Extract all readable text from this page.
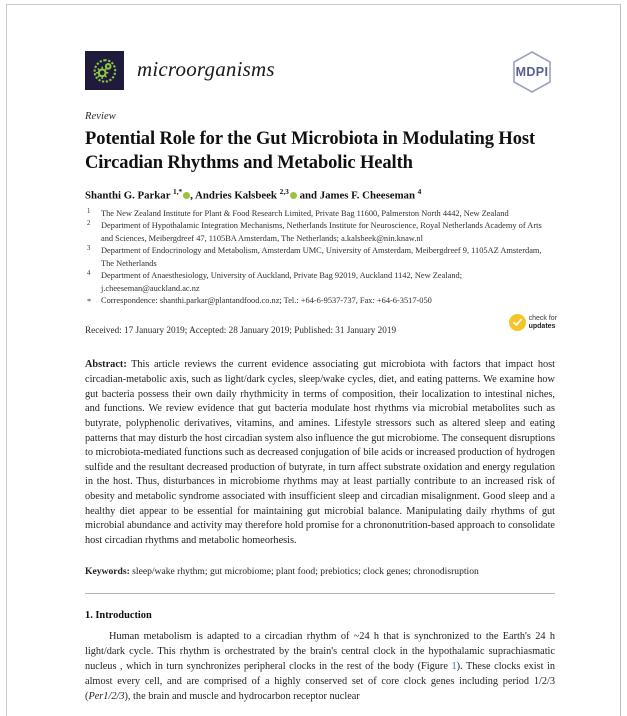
microorganisms	MDPI
Review
Potential Role for the Gut Microbiota in Modulating Host Circadian Rhythms and Metabolic Health
Shanthi G. Parkar $^{1,*}$ , Andries Kalsbeek $^{2,3}$ and James F. Cheeseman $^4$
1	The New Zealand Institute for Plant & Food Research Limited, Private Bag 11600, Palmerston North 4442, New Zealand
2	Department of Hypothalamic Integration Mechanisms, Netherlands Institute for Neuroscience, Royal Netherlands Academy of Arts and Sciences, Meibergdreef 47, 1105BA Amsterdam, The Netherlands; a.kalsbeek@nin.knaw.nl
3	Department of Endocrinology and Metabolism, Amsterdam UMC, University of Amsterdam, Meibergdreef 9, 1105AZ Amsterdam, The Netherlands
4	Department of Anaesthesiology, University of Auckland, Private Bag 92019, Auckland 1142, New Zealand; j.cheeseman@auckland.ac.nz
*	Correspondence: shanthi.parkar@plantandfood.co.nz; Tel.: +64-6-9537-737, Fax: +64-6-3517-050
Received: 17 January 2019; Accepted: 28 January 2019; Published: 31 January 2019
check for
updates
Abstract: This article reviews the current evidence associating gut microbiota with factors that impact host circadian-metabolic axis, such as light/dark cycles, sleep/wake cycles, diet, and eating patterns. We examine how gut bacteria possess their own daily rhythmicity in terms of composition, their localization to intestinal niches, and functions. We review evidence that gut bacteria modulate host rhythms via microbial metabolites such as butyrate, polyphenolic derivatives, vitamins, and amines. Lifestyle stressors such as altered sleep and eating patterns that may disturb the host circadian system also influence the gut microbiome. The consequent disruptions to microbiota-mediated functions such as decreased conjugation of bile acids or increased production of hydrogen sulfide and the resultant decreased production of butyrate, in turn affect substrate oxidation and energy regulation in the host. Thus, disturbances in microbiome rhythms may at least partially contribute to an increased risk of obesity and metabolic syndrome associated with insufficient sleep and circadian misalignment. Good sleep and a healthy diet appear to be essential for maintaining gut microbial balance. Manipulating daily rhythms of gut microbial abundance and activity may therefore hold promise for a chrononutrition-based approach to consolidate host circadian rhythms and metabolic homeorhesis.
Keywords: sleep/wake rhythm; gut microbiome; plant food; prebiotics; clock genes; chronodisruption
1. Introduction
Human metabolism is adapted to a circadian rhythm of ~24 h that is synchronized to the Earth's 24 h light/dark cycle. This rhythm is orchestrated by the brain's central clock in the hypothalamic suprachiasmatic nucleus , which in turn synchronizes peripheral clocks in the rest of the body (Figure 1). These clocks exist in almost every cell, and are comprised of a highly conserved set of core clock genes including period 1/2/3 (Per1/2/3), the brain and muscle and hydrocarbon receptor nuclear
